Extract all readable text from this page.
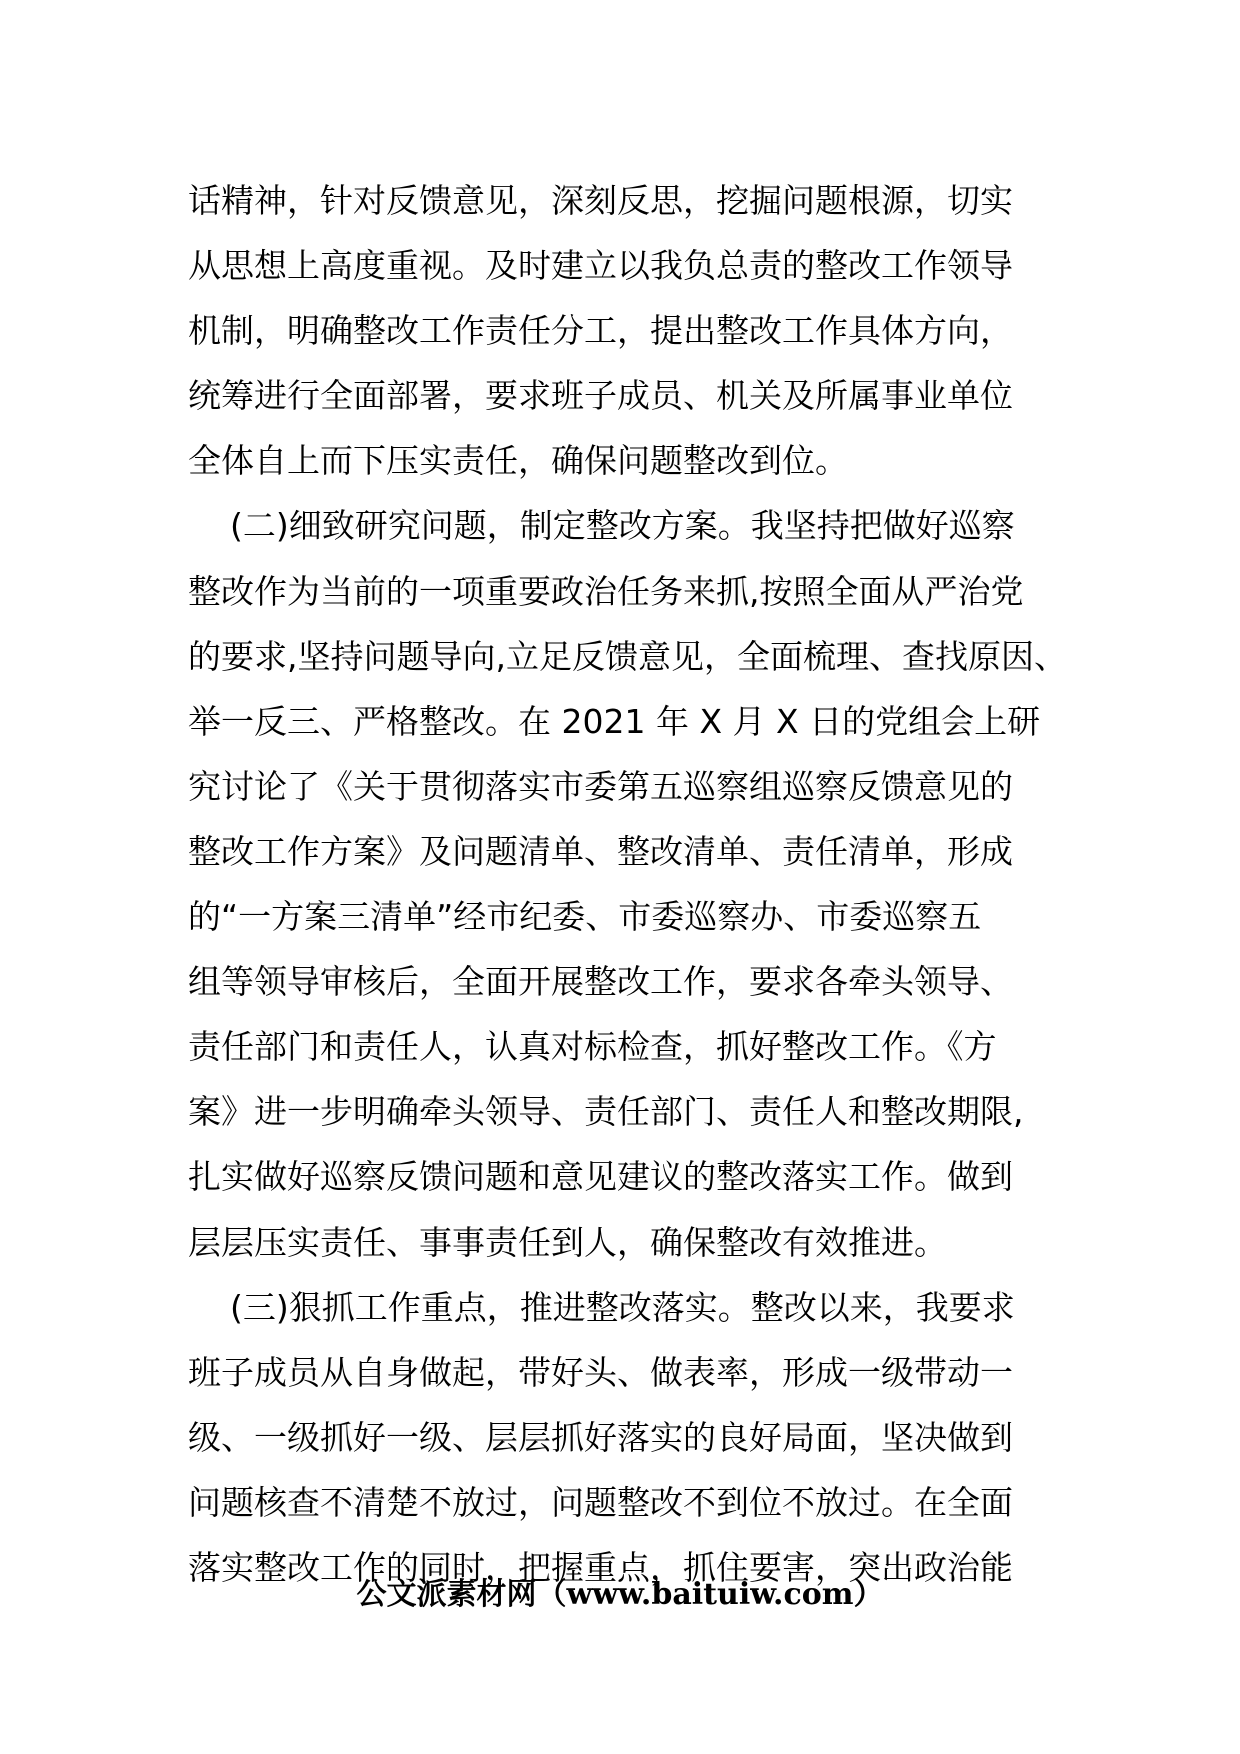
话精神，针对反馈意见，深刻反思，挖掘问题根源，切实
从思想上高度重视。及时建立以我负总责的整改工作领导
机制，明确整改工作责任分工，提出整改工作具体方向，
统筹进行全面部署，要求班子成员、机关及所属事业单位
全体自上而下压实责任，确保问题整改到位。
(二)细致研究问题，制定整改方案。我坚持把做好巡察
整改作为当前的一项重要政治任务来抓,按照全面从严治党
的要求,坚持问题导向,立足反馈意见，全面梳理、查找原因、
举一反三、严格整改。在 2021 年 X 月 X 日的党组会上研
究讨论了《关于贯彻落实市委第五巡察组巡察反馈意见的
整改工作方案》及问题清单、整改清单、责任清单，形成
的“一方案三清单”经市纪委、市委巡察办、市委巡察五
组等领导审核后，全面开展整改工作，要求各牵头领导、
责任部门和责任人，认真对标检查，抓好整改工作。《方
案》进一步明确牵头领导、责任部门、责任人和整改期限,
扎实做好巡察反馈问题和意见建议的整改落实工作。做到
层层压实责任、事事责任到人，确保整改有效推进。
(三)狠抓工作重点，推进整改落实。整改以来，我要求
班子成员从自身做起，带好头、做表率，形成一级带动一
级、一级抓好一级、层层抓好落实的良好局面，坚决做到
问题核查不清楚不放过，问题整改不到位不放过。在全面
落实整改工作的同时，把握重点，抓住要害，突出政治能
公文派素材网（www.baituiw.com）
